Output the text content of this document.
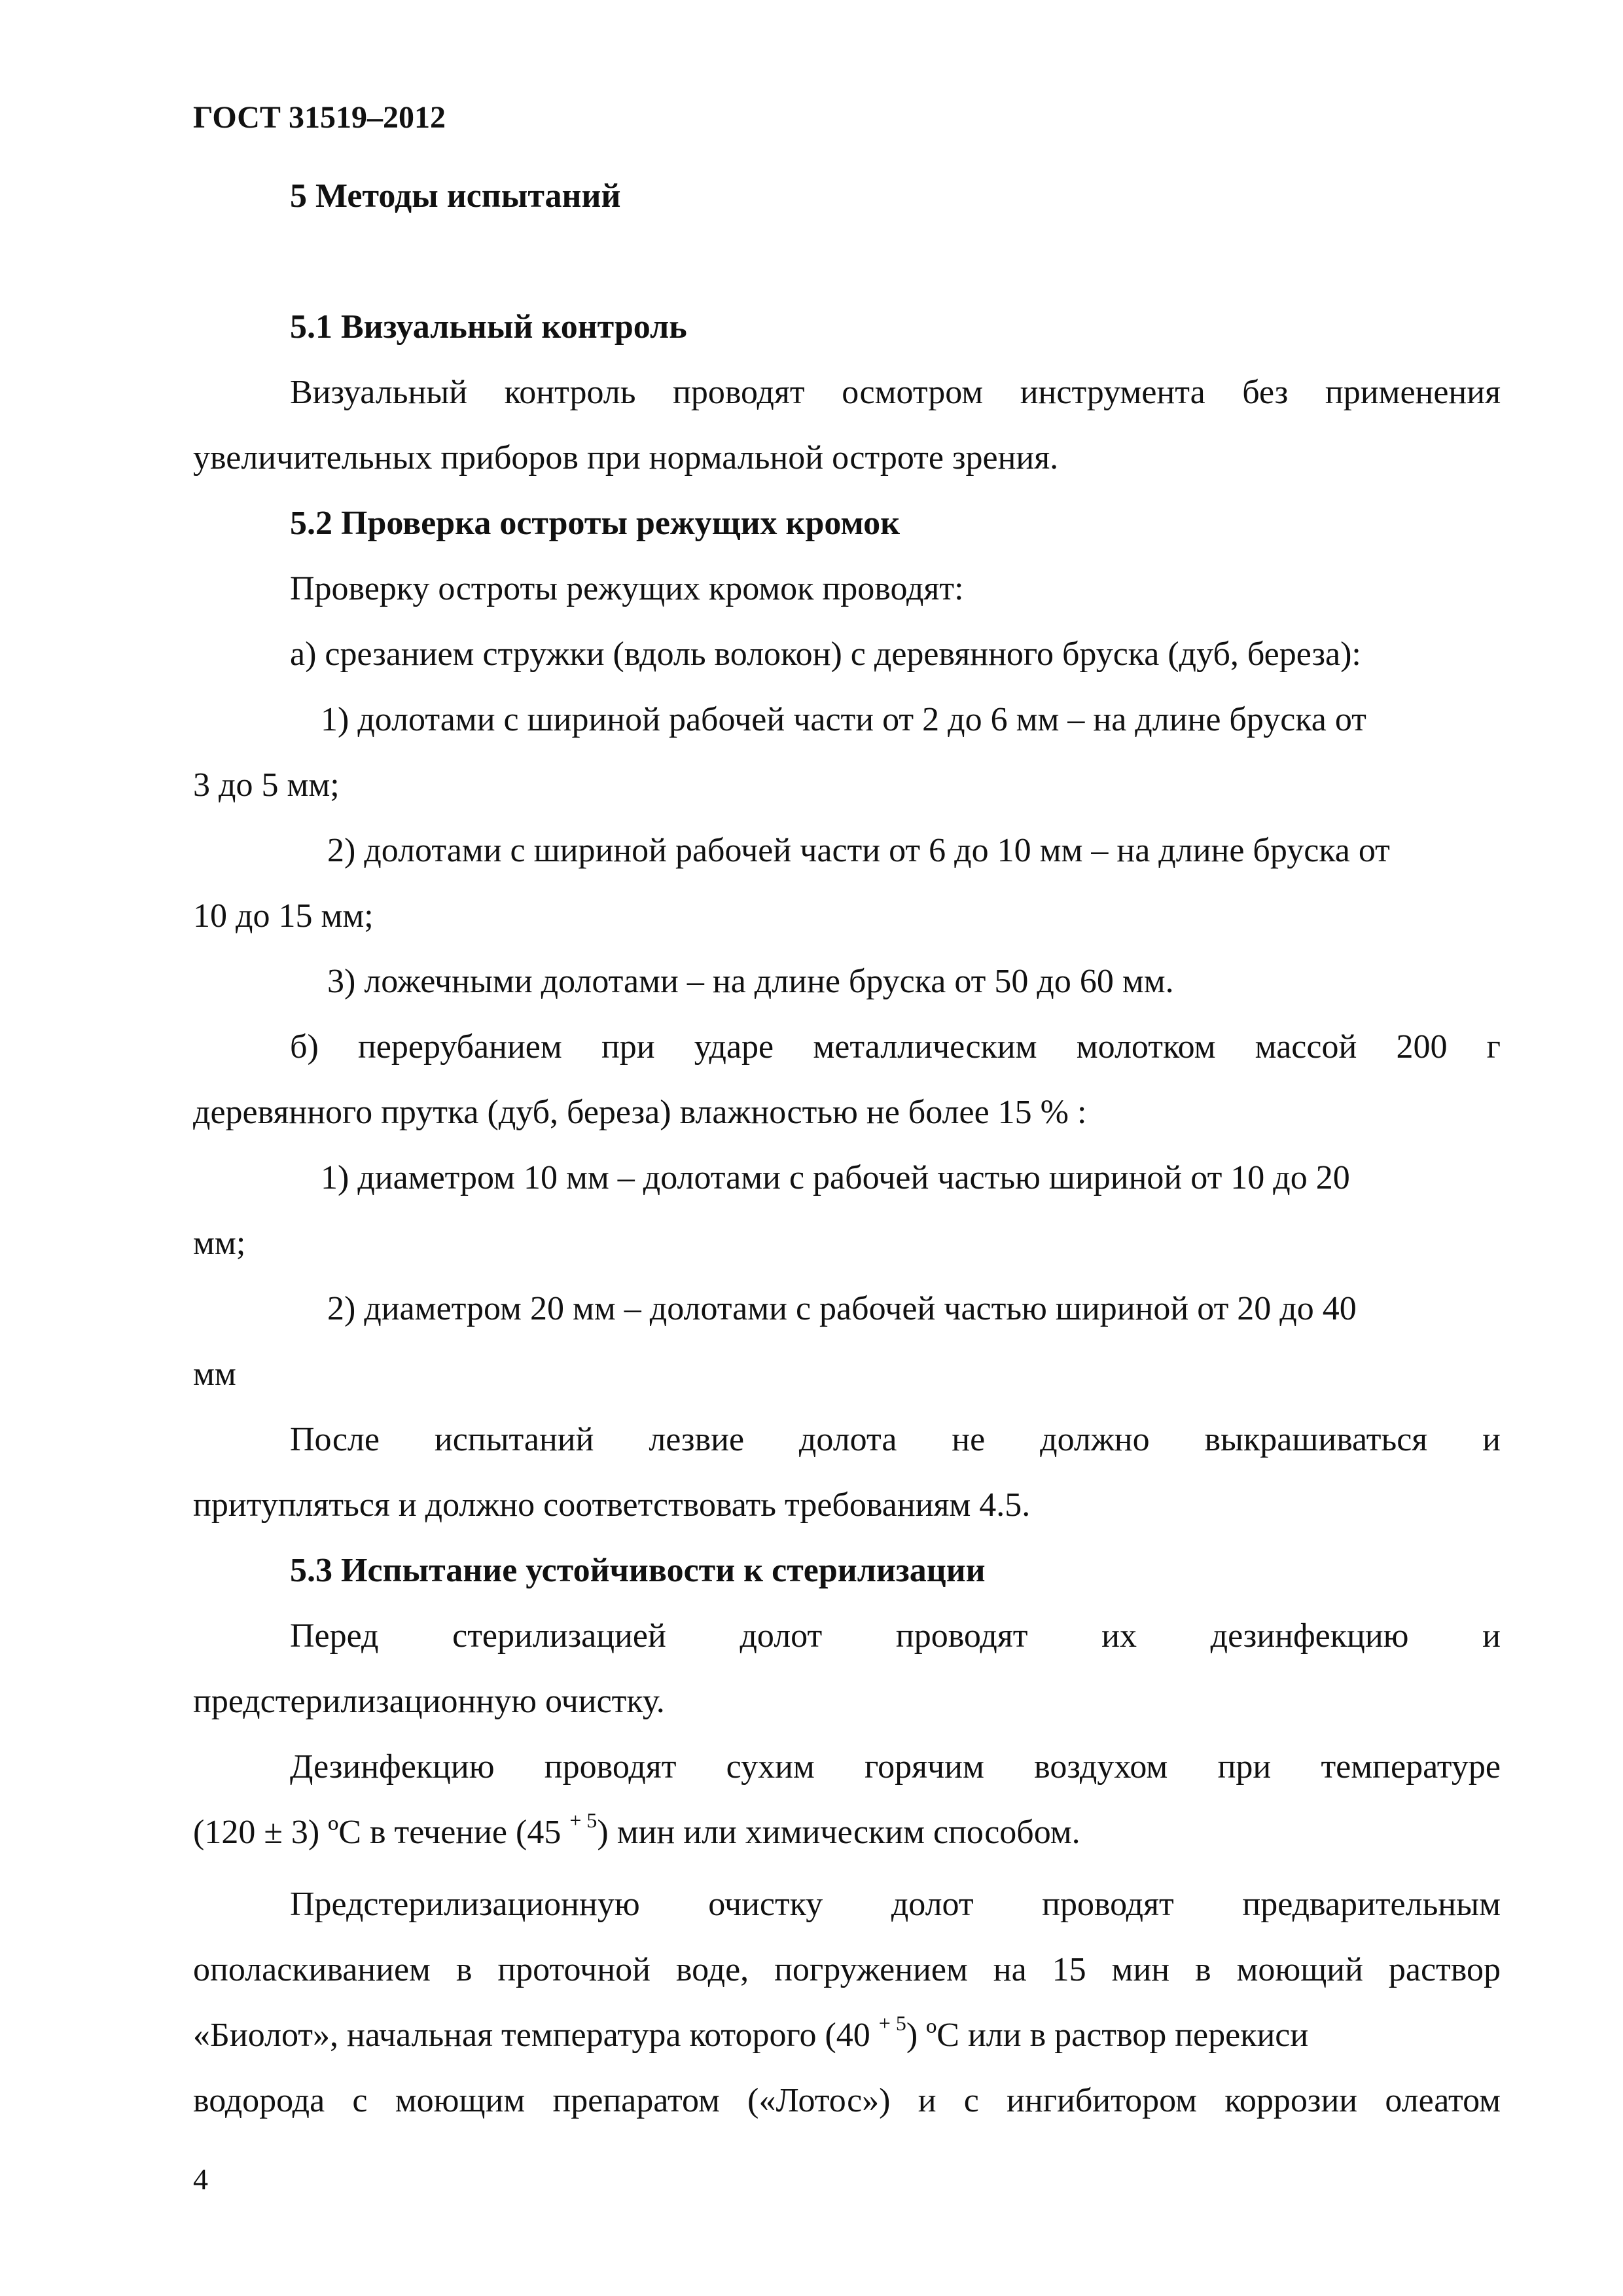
ГОСТ 31519–2012
5 Методы испытаний
5.1 Визуальный контроль
Визуальный контроль проводят осмотром инструмента без применения
увеличительных приборов при нормальной остроте зрения.
5.2 Проверка остроты режущих кромок
Проверку остроты режущих кромок проводят:
а) срезанием стружки (вдоль волокон) с деревянного бруска (дуб, береза):
1) долотами с шириной рабочей части от 2 до 6 мм – на длине бруска от
3 до 5 мм;
2) долотами с шириной рабочей части от 6 до 10 мм – на длине бруска от
10 до 15 мм;
3) ложечными долотами – на длине бруска от 50 до 60 мм.
б) перерубанием при ударе металлическим молотком массой 200 г
деревянного прутка (дуб, береза) влажностью не более 15 % :
1) диаметром 10 мм – долотами с рабочей частью шириной от 10 до 20
мм;
2) диаметром 20 мм – долотами с рабочей частью шириной от 20 до 40
мм
После испытаний лезвие долота не должно выкрашиваться и
притупляться и должно соответствовать требованиям 4.5.
5.3 Испытание устойчивости к стерилизации
Перед стерилизацией долот проводят их дезинфекцию и
предстерилизационную очистку.
Дезинфекцию проводят сухим горячим воздухом при температуре
(120 ± 3) ºC в течение (45 $^{+ 5}$) мин или химическим способом.
Предстерилизационную очистку долот проводят предварительным
ополаскиванием в проточной воде, погружением на 15 мин в моющий раствор
«Биолот», начальная температура которого (40 $^{+ 5}$) ºC или в раствор перекиси
водорода с моющим препаратом («Лотос») и с ингибитором коррозии олеатом
4
